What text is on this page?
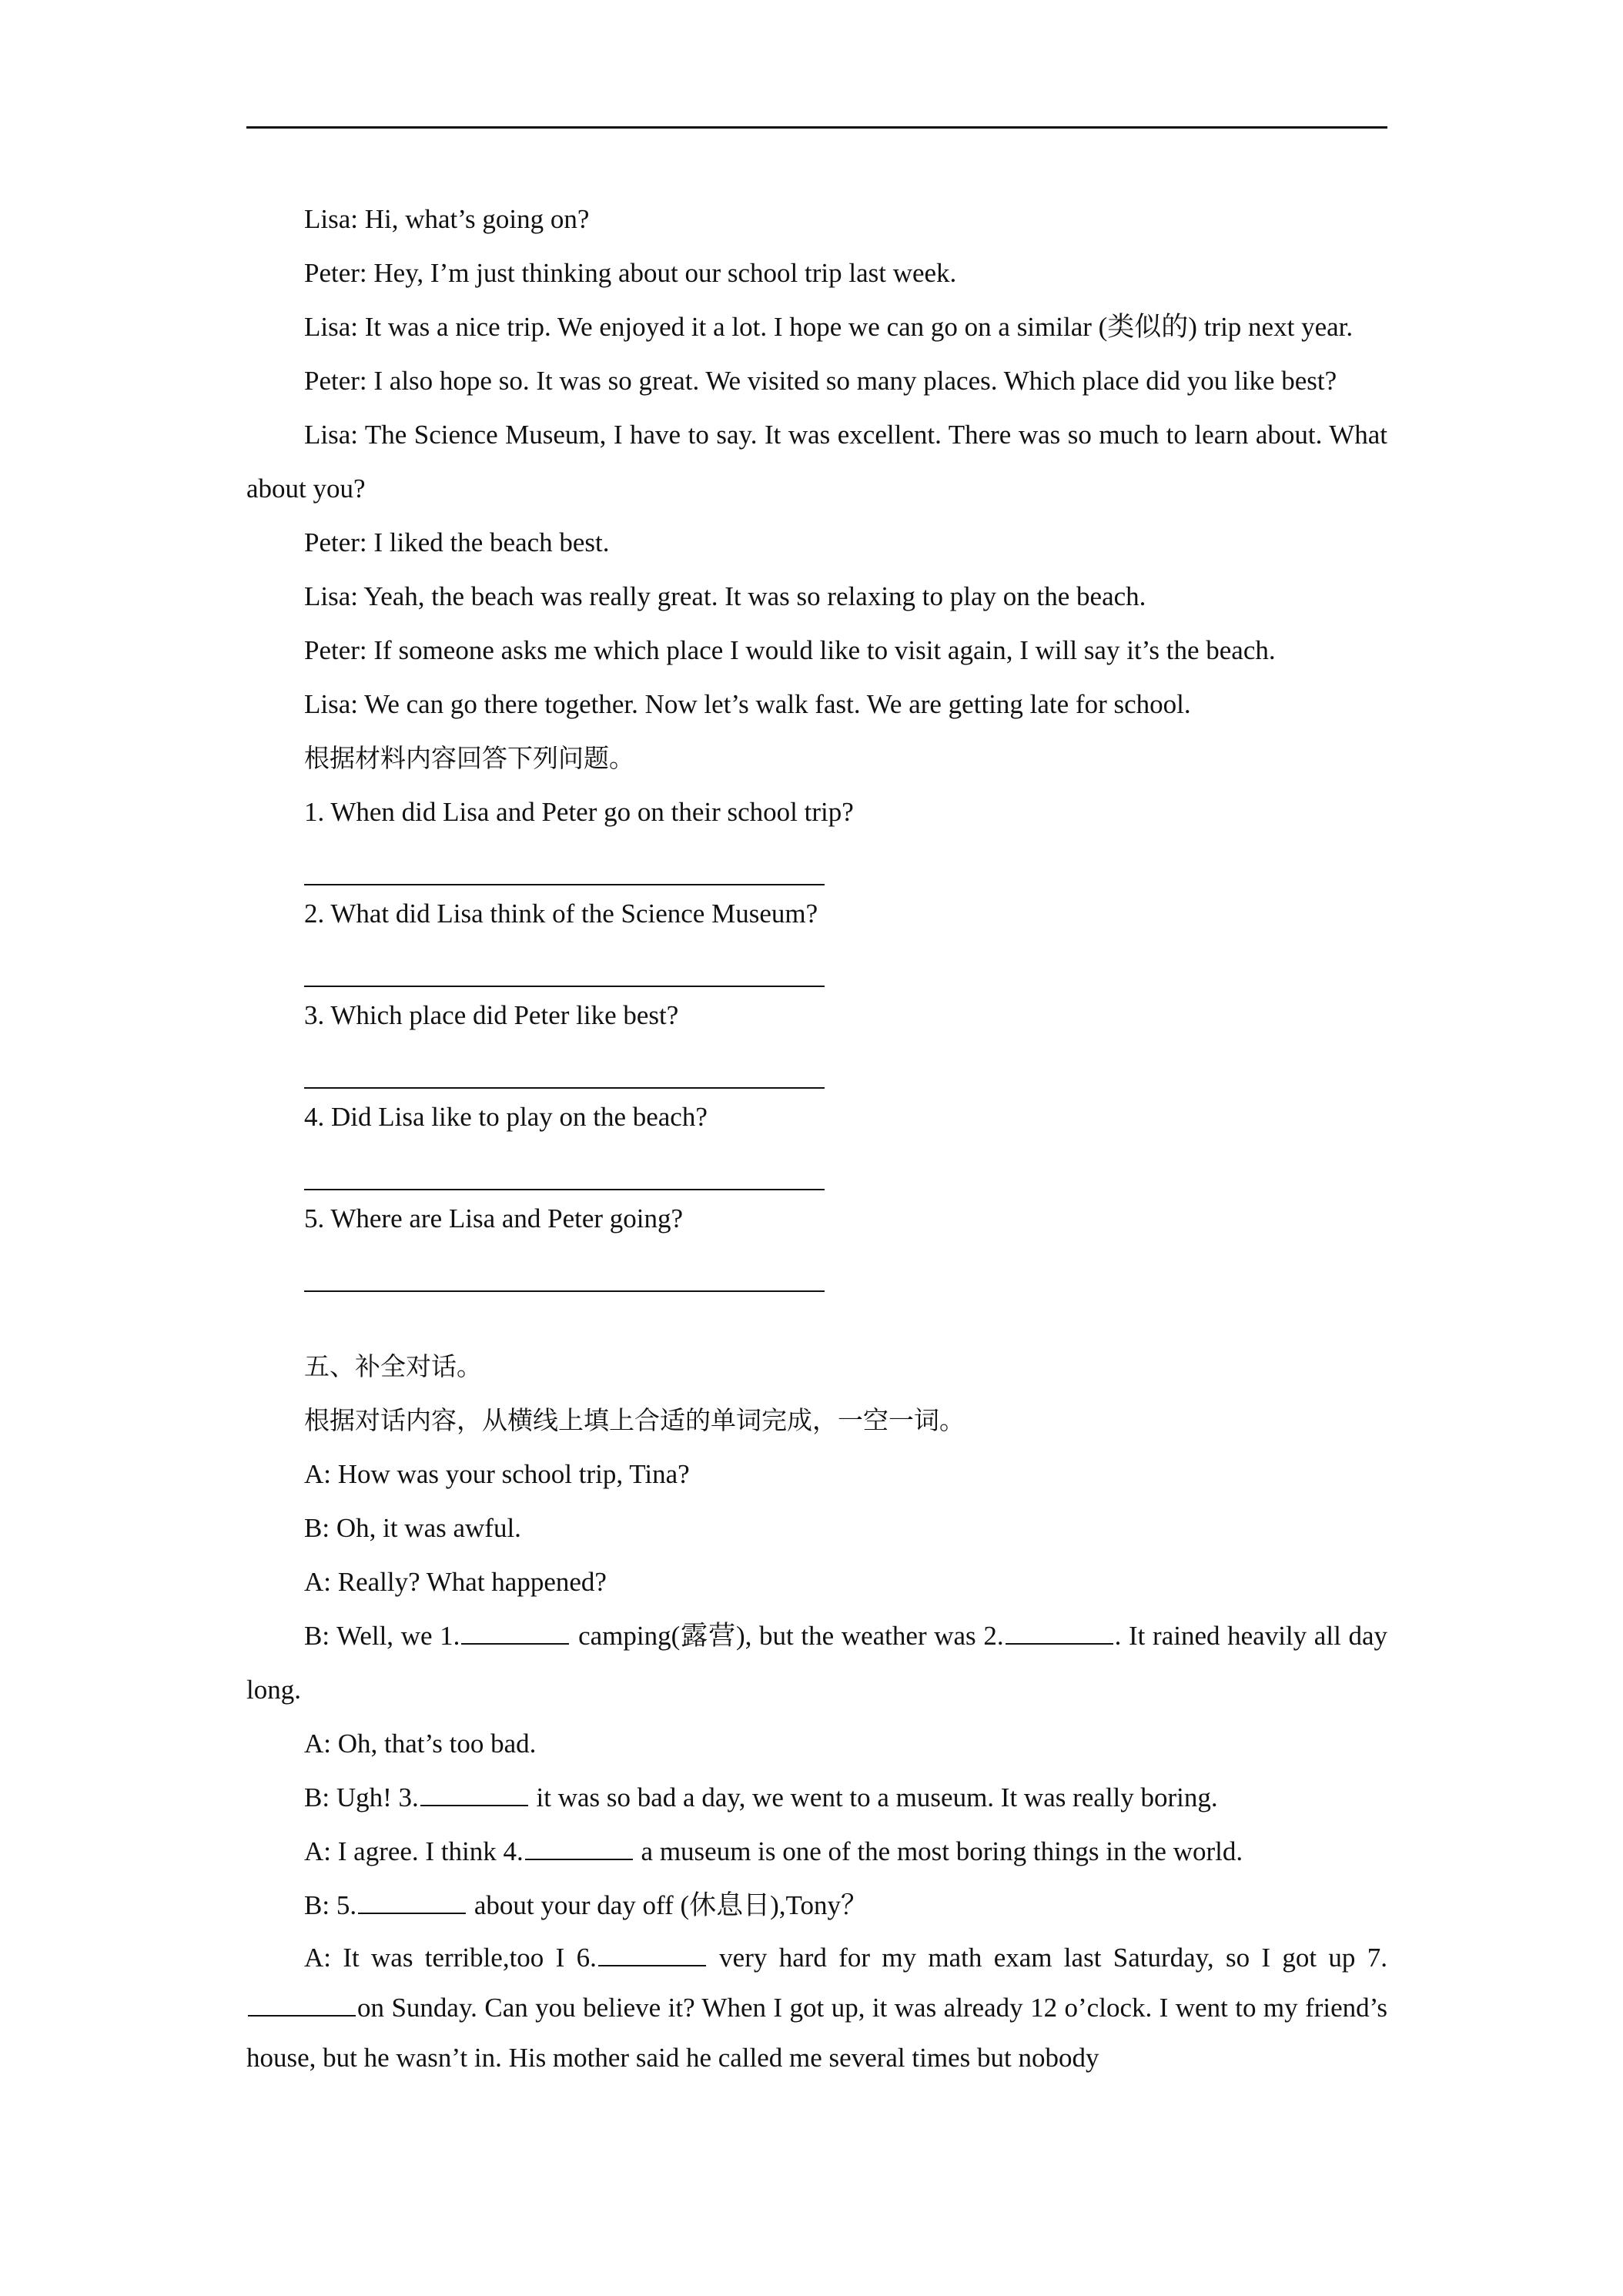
Lisa: Hi, what’s going on?

Peter: Hey, I’m just thinking about our school trip last week.

Lisa: It was a nice trip. We enjoyed it a lot. I hope we can go on a similar (类似的) trip next year.

Peter: I also hope so. It was so great. We visited so many places. Which place did you like best?

Lisa: The Science Museum, I have to say. It was excellent. There was so much to learn about. What about you?

Peter: I liked the beach best.

Lisa: Yeah, the beach was really great. It was so relaxing to play on the beach.

Peter: If someone asks me which place I would like to visit again, I will say it’s the beach.

Lisa: We can go there together. Now let’s walk fast. We are getting late for school.

根据材料内容回答下列问题。

1. When did Lisa and Peter go on their school trip?

2. What did Lisa think of the Science Museum?

3. Which place did Peter like best?

4. Did Lisa like to play on the beach?

5. Where are Lisa and Peter going?

五、补全对话。

根据对话内容，从横线上填上合适的单词完成，一空一词。

A: How was your school trip, Tina?

B: Oh, it was awful.

A: Really? What happened?

B: Well, we 1.	camping(露营), but the weather was 2.	. It rained heavily all day long.

A: Oh, that’s too bad.

B: Ugh! 3.	it was so bad a day, we went to a museum. It was really boring.

A: I agree. I think 4.	a museum is one of the most boring things in the world.

B: 5.	about your day off (休息日),Tony？

A: It was terrible,too I 6.	very hard for my math exam last Saturday, so I got up 7.on Sunday. Can you believe it? When I got up, it was already 12 o’clock. I went to my friend’s house, but he wasn’t in. His mother said he called me several times but nobody
